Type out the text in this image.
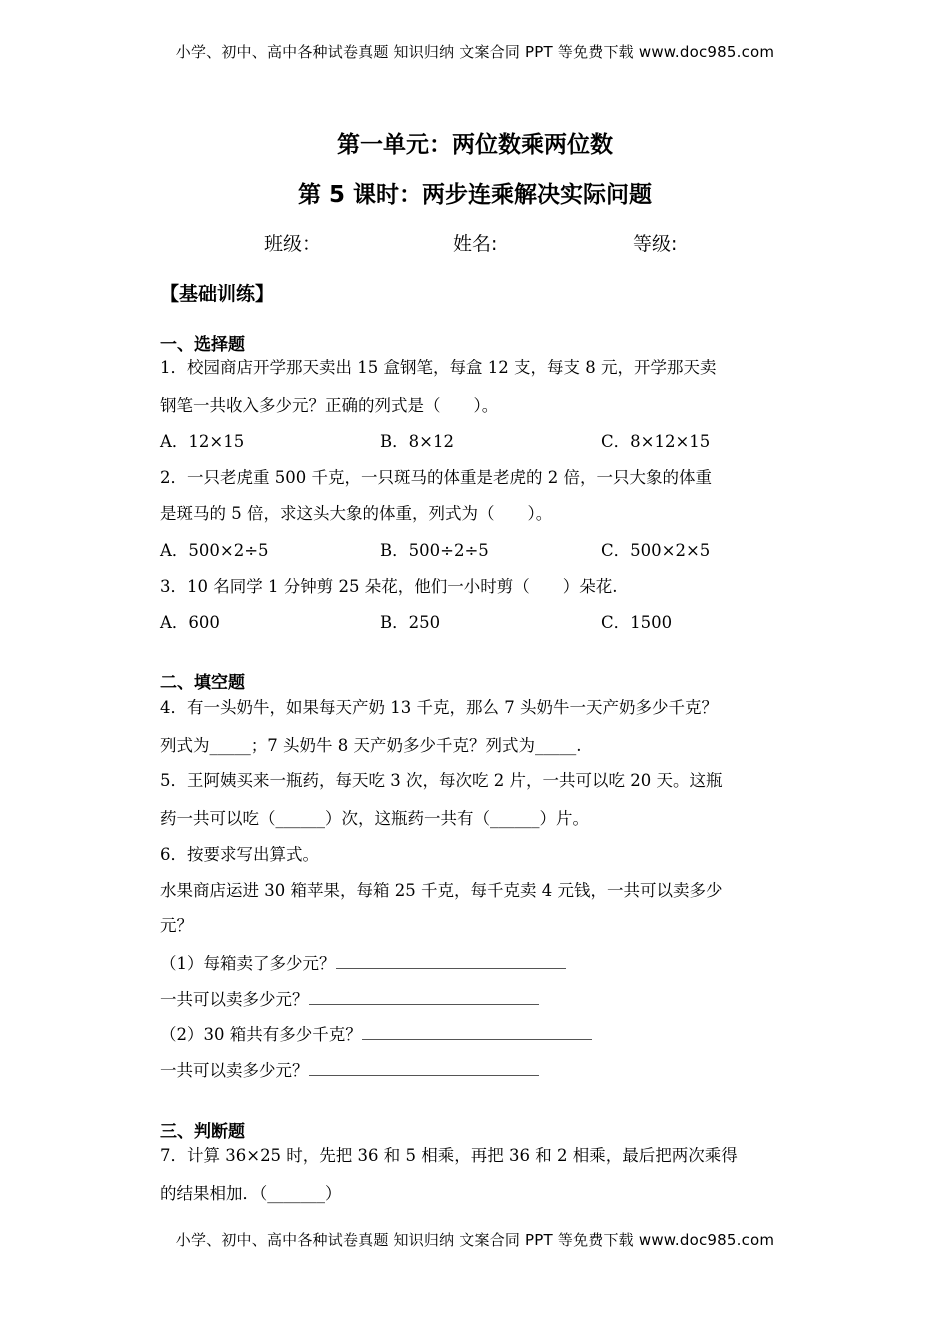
小学、初中、高中各种试卷真题 知识归纳 文案合同 PPT 等免费下载 www.doc985.com
第一单元：两位数乘两位数
第 5 课时：两步连乘解决实际问题
班级：	姓名:	等级:
【基础训练】
一、选择题
1．校园商店开学那天卖出 15 盒钢笔，每盒 12 支，每支 8 元，开学那天卖
钢笔一共收入多少元？正确的列式是（　　）。
A．12×15	B．8×12	C．8×12×15
2．一只老虎重 500 千克，一只斑马的体重是老虎的 2 倍，一只大象的体重
是斑马的 5 倍，求这头大象的体重，列式为（　　）。
A．500×2÷5	B．500÷2÷5	C．500×2×5
3．10 名同学 1 分钟剪 25 朵花，他们一小时剪（　　）朵花.
A．600	B．250	C．1500
二、填空题
4．有一头奶牛，如果每天产奶 13 千克，那么 7 头奶牛一天产奶多少千克？
列式为_____；7 头奶牛 8 天产奶多少千克？列式为_____.
5．王阿姨买来一瓶药，每天吃 3 次，每次吃 2 片，一共可以吃 20 天。这瓶
药一共可以吃（______）次，这瓶药一共有（______）片。
6．按要求写出算式。
水果商店运进 30 箱苹果，每箱 25 千克，每千克卖 4 元钱，一共可以卖多少
元？
（1）每箱卖了多少元？
一共可以卖多少元？
（2）30 箱共有多少千克？
一共可以卖多少元？
三、判断题
7．计算 36×25 时，先把 36 和 5 相乘，再把 36 和 2 相乘，最后把两次乘得
的结果相加．（_______）
小学、初中、高中各种试卷真题 知识归纳 文案合同 PPT 等免费下载 www.doc985.com
